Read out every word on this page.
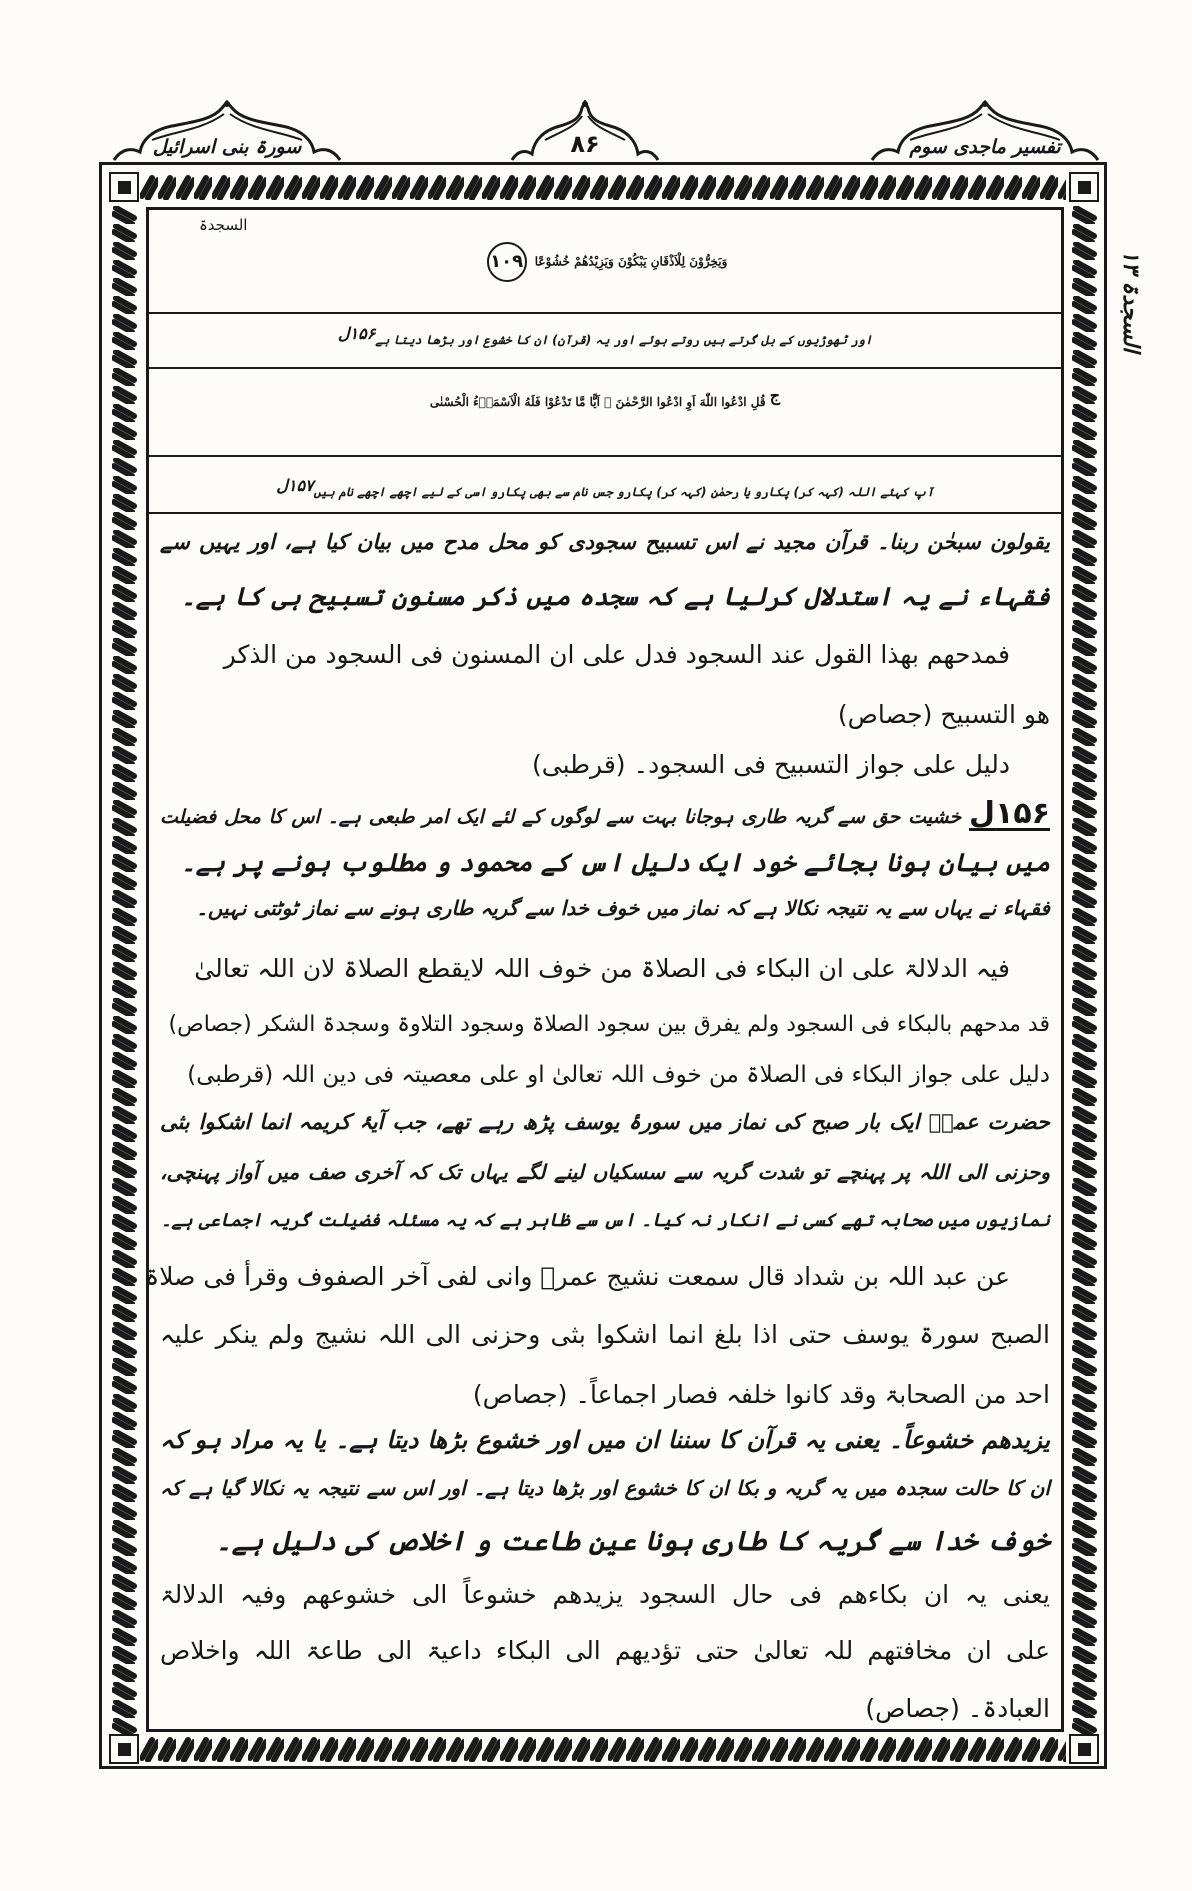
سورۃ بنی اسرائیل	۸۶	تفسیر ماجدی سوم
السجدۃ ۱۳
وَيَخِرُّوْنَ لِلْاَذْقَانِ يَبْكُوْنَ وَيَزِيْدُهُمْ خُشُوْعًا ۱۰۹
السجدۃ
اور ٹھوڑیوں کے بل گرتے ہیں روتے ہوئے اور یہ (قرآن) ان کا خشوع اور بڑھا دیتا ہے۱۵۶ل
ج قُلِ ادْعُوا اللّٰهَ اَوِ ادْعُوا الرَّحْمٰنَ ۭ اَيًّا مَّا تَدْعُوْا فَلَهُ الْاَسْمَاۗءُ الْحُسْنٰى
آپ کہئے اللہ (کہہ کر) پکارو یا رحمٰن (کہہ کر) پکارو جس نام سے بھی پکارو اسی کے لیے اچھے اچھے نام ہیں۱۵۷ل
یقولون سبحٰن ربنا۔ قرآن مجید نے اس تسبیح سجودی کو محل مدح میں بیان کیا ہے، اور یہیں سے
فقہاء نے یہ استدلال کرلیا ہے کہ سجدہ میں ذکر مسنون تسبیح ہی کا ہے۔
فمدحھم بھذا القول عند السجود فدل علی ان المسنون فی السجود من الذکر
ھو التسبیح (جصاص)
دلیل علی جواز التسبیح فی السجود۔ (قرطبی)
۱۵۶ل خشیت حق سے گریہ طاری ہوجانا بہت سے لوگوں کے لئے ایک امر طبعی ہے۔ اس کا محل فضیلت
میں بیان ہونا بجائے خود ایک دلیل اس کے محمود و مطلوب ہونے پر ہے۔
فقہاء نے یہاں سے یہ نتیجہ نکالا ہے کہ نماز میں خوف خدا سے گریہ طاری ہونے سے نماز ٹوٹتی نہیں۔
فیہ الدلالۃ علی ان البکاء فی الصلاۃ من خوف اللہ لایقطع الصلاۃ لان اللہ تعالیٰ
قد مدحھم بالبکاء فی السجود ولم یفرق بین سجود الصلاۃ وسجود التلاوۃ وسجدۃ الشکر (جصاص)
دلیل علی جواز البکاء فی الصلاۃ من خوف اللہ تعالیٰ او علی معصیتہ فی دین اللہ (قرطبی)
حضرت عمرؓ ایک بار صبح کی نماز میں سورۂ یوسف پڑھ رہے تھے، جب آیۂ کریمہ انما اشکوا بثی
وحزنی الی اللہ پر پہنچے تو شدت گریہ سے سسکیاں لینے لگے یہاں تک کہ آخری صف میں آواز پہنچی،
نمازیوں میں صحابہ تھے کسی نے انکار نہ کیا۔ اس سے ظاہر ہے کہ یہ مسئلہ فضیلت گریہ اجماعی ہے۔
عن عبد اللہ بن شداد قال سمعت نشیج عمرؓ وانی لفی آخر الصفوف وقرأ فی صلاۃ
الصبح سورۃ یوسف حتی اذا بلغ انما اشکوا بثی وحزنی الی اللہ نشیج ولم ینکر علیہ
احد من الصحابۃ وقد کانوا خلفہ فصار اجماعاً۔ (جصاص)
یزیدھم خشوعاً۔ یعنی یہ قرآن کا سننا ان میں اور خشوع بڑھا دیتا ہے۔ یا یہ مراد ہو کہ
ان کا حالت سجدہ میں یہ گریہ و بکا ان کا خشوع اور بڑھا دیتا ہے۔ اور اس سے نتیجہ یہ نکالا گیا ہے کہ
خوف خدا سے گریہ کا طاری ہونا عین طاعت و اخلاص کی دلیل ہے۔
یعنی یہ ان بکاءھم فی حال السجود یزیدھم خشوعاً الی خشوعھم وفیہ الدلالۃ
علی ان مخافتھم للہ تعالیٰ حتی تؤدیھم الی البکاء داعیۃ الی طاعۃ اللہ واخلاص
العبادۃ۔ (جصاص)
